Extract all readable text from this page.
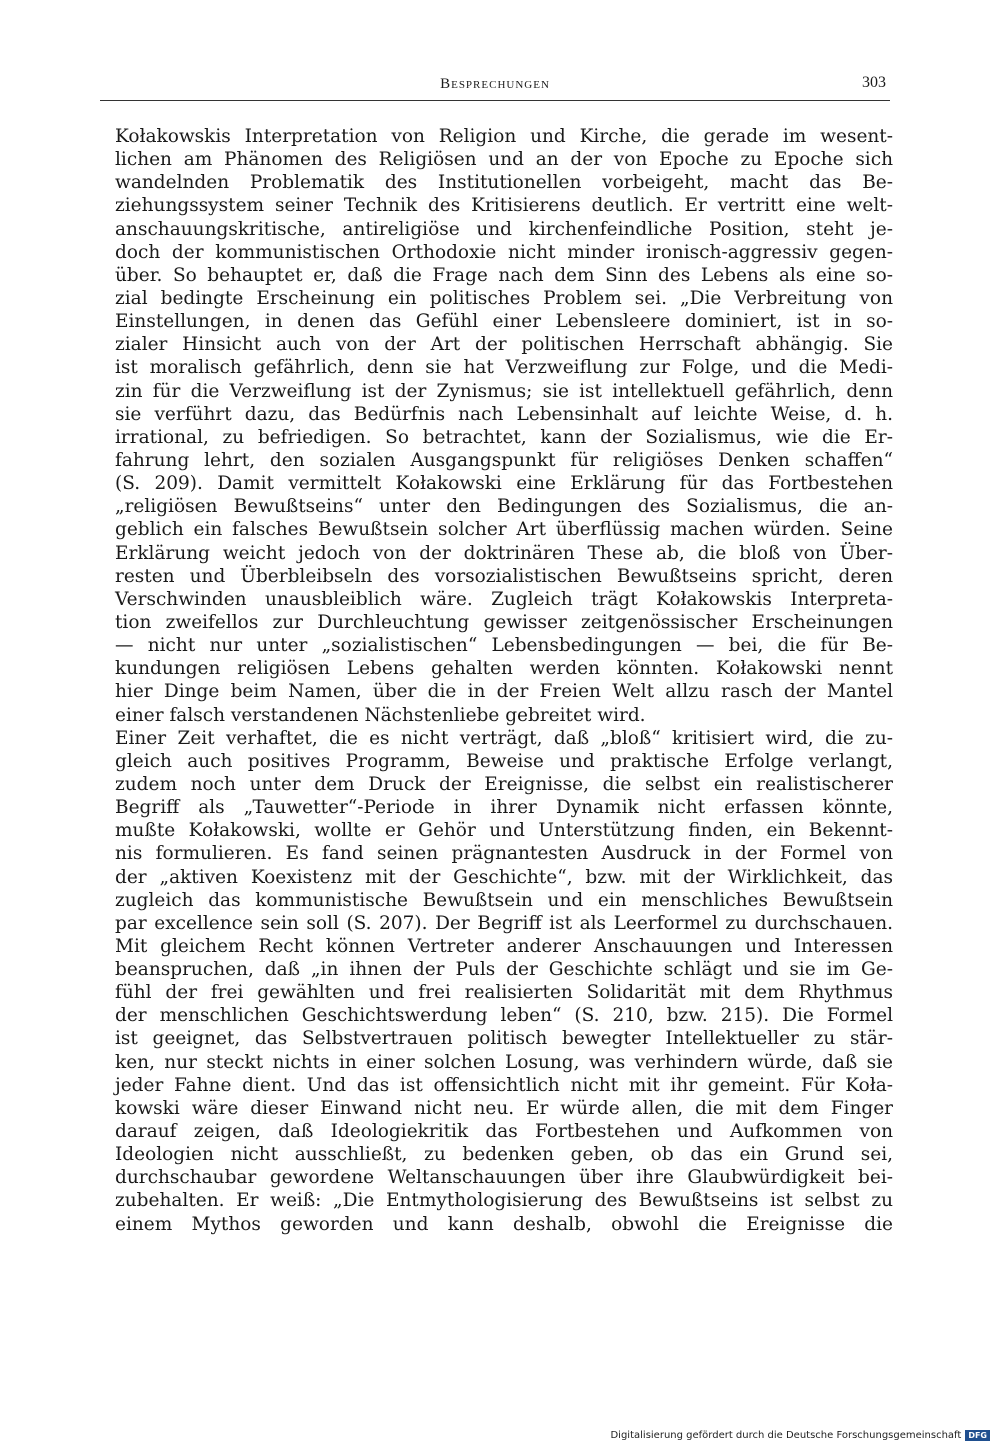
Besprechungen	303
Kołakowskis Interpretation von Religion und Kirche, die gerade im wesent-
lichen am Phänomen des Religiösen und an der von Epoche zu Epoche sich
wandelnden Problematik des Institutionellen vorbeigeht, macht das Be-
ziehungssystem seiner Technik des Kritisierens deutlich. Er vertritt eine welt-
anschauungskritische, antireligiöse und kirchenfeindliche Position, steht je-
doch der kommunistischen Orthodoxie nicht minder ironisch-aggressiv gegen-
über. So behauptet er, daß die Frage nach dem Sinn des Lebens als eine so-
zial bedingte Erscheinung ein politisches Problem sei. „Die Verbreitung von
Einstellungen, in denen das Gefühl einer Lebensleere dominiert, ist in so-
zialer Hinsicht auch von der Art der politischen Herrschaft abhängig. Sie
ist moralisch gefährlich, denn sie hat Verzweiflung zur Folge, und die Medi-
zin für die Verzweiflung ist der Zynismus; sie ist intellektuell gefährlich, denn
sie verführt dazu, das Bedürfnis nach Lebensinhalt auf leichte Weise, d. h.
irrational, zu befriedigen. So betrachtet, kann der Sozialismus, wie die Er-
fahrung lehrt, den sozialen Ausgangspunkt für religiöses Denken schaffen“
(S. 209). Damit vermittelt Kołakowski eine Erklärung für das Fortbestehen
„religiösen Bewußtseins“ unter den Bedingungen des Sozialismus, die an-
geblich ein falsches Bewußtsein solcher Art überflüssig machen würden. Seine
Erklärung weicht jedoch von der doktrinären These ab, die bloß von Über-
resten und Überbleibseln des vorsozialistischen Bewußtseins spricht, deren
Verschwinden unausbleiblich wäre. Zugleich trägt Kołakowskis Interpreta-
tion zweifellos zur Durchleuchtung gewisser zeitgenössischer Erscheinungen
— nicht nur unter „sozialistischen“ Lebensbedingungen — bei, die für Be-
kundungen religiösen Lebens gehalten werden könnten. Kołakowski nennt
hier Dinge beim Namen, über die in der Freien Welt allzu rasch der Mantel
einer falsch verstandenen Nächstenliebe gebreitet wird.
Einer Zeit verhaftet, die es nicht verträgt, daß „bloß“ kritisiert wird, die zu-
gleich auch positives Programm, Beweise und praktische Erfolge verlangt,
zudem noch unter dem Druck der Ereignisse, die selbst ein realistischerer
Begriff als „Tauwetter“-Periode in ihrer Dynamik nicht erfassen könnte,
mußte Kołakowski, wollte er Gehör und Unterstützung finden, ein Bekennt-
nis formulieren. Es fand seinen prägnantesten Ausdruck in der Formel von
der „aktiven Koexistenz mit der Geschichte“, bzw. mit der Wirklichkeit, das
zugleich das kommunistische Bewußtsein und ein menschliches Bewußtsein
par excellence sein soll (S. 207). Der Begriff ist als Leerformel zu durchschauen.
Mit gleichem Recht können Vertreter anderer Anschauungen und Interessen
beanspruchen, daß „in ihnen der Puls der Geschichte schlägt und sie im Ge-
fühl der frei gewählten und frei realisierten Solidarität mit dem Rhythmus
der menschlichen Geschichtswerdung leben“ (S. 210, bzw. 215). Die Formel
ist geeignet, das Selbstvertrauen politisch bewegter Intellektueller zu stär-
ken, nur steckt nichts in einer solchen Losung, was verhindern würde, daß sie
jeder Fahne dient. Und das ist offensichtlich nicht mit ihr gemeint. Für Koła-
kowski wäre dieser Einwand nicht neu. Er würde allen, die mit dem Finger
darauf zeigen, daß Ideologiekritik das Fortbestehen und Aufkommen von
Ideologien nicht ausschließt, zu bedenken geben, ob das ein Grund sei,
durchschaubar gewordene Weltanschauungen über ihre Glaubwürdigkeit bei-
zubehalten. Er weiß: „Die Entmythologisierung des Bewußtseins ist selbst zu
einem Mythos geworden und kann deshalb, obwohl die Ereignisse die
Digitalisierung gefördert durch die Deutsche Forschungsgemeinschaft DFG
